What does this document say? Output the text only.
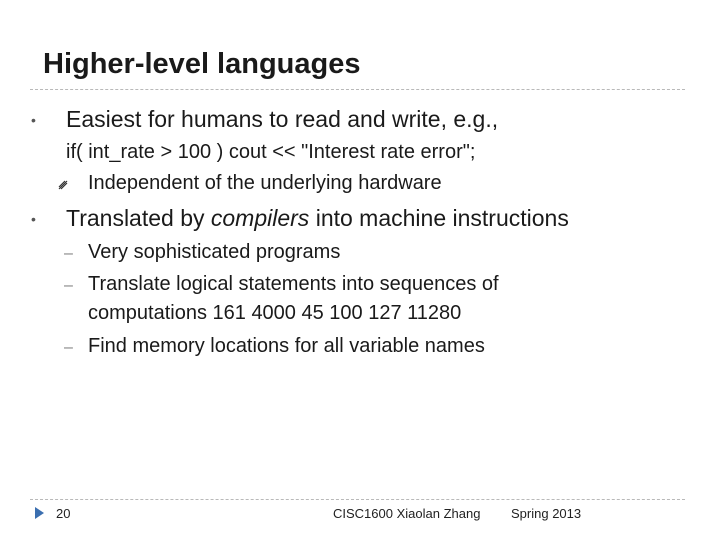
Higher-level languages
• Easiest for humans to read and write, e.g.,
if( int_rate > 100 ) cout << "Interest rate error";
Independent of the underlying hardware
• Translated by compilers into machine instructions
– Very sophisticated programs
– Translate logical statements into sequences of
computations 161 4000 45 100 127 11280
– Find memory locations for all variable names
20	CISC1600 Xiaolan Zhang Spring 2013
